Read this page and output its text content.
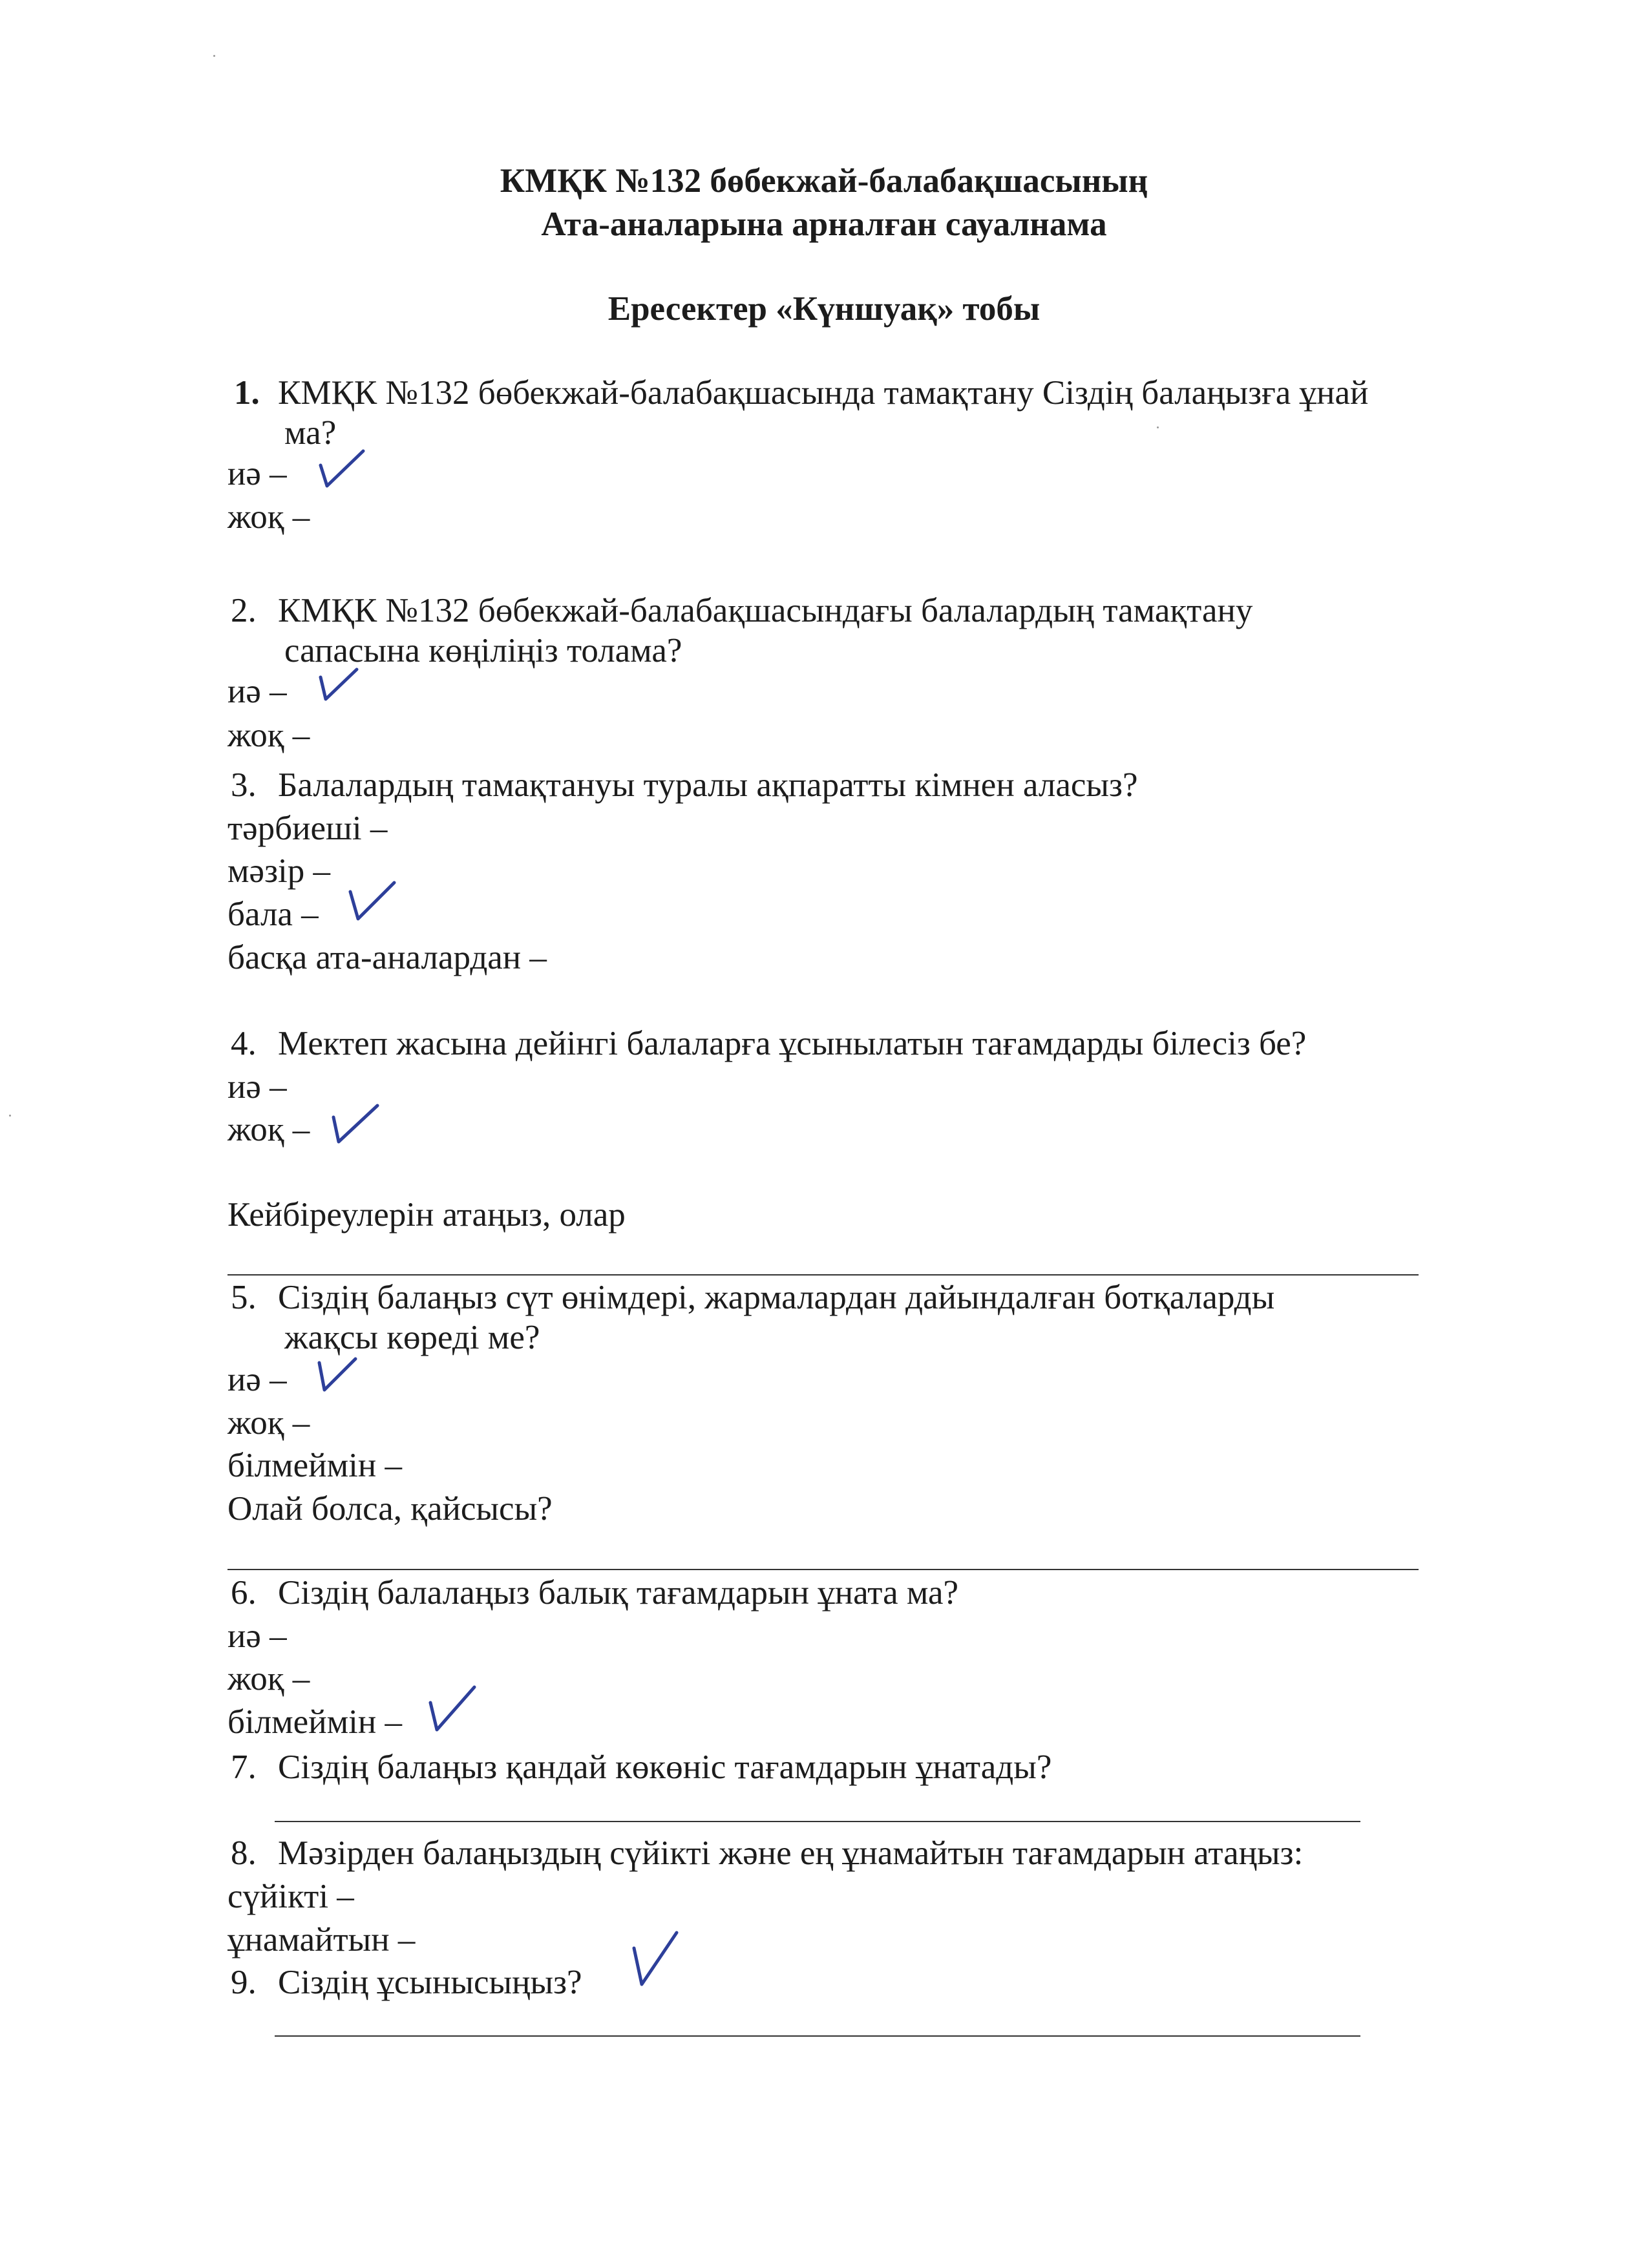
КМҚК №132 бөбекжай-балабақшасының
Ата-аналарына арналған сауалнама
Ересектер «Күншуақ» тобы
1. КМҚК №132 бөбекжай-балабақшасында тамақтану Сіздің балаңызға ұнай
ма?
иә –
жоқ –
2. КМҚК №132 бөбекжай-балабақшасындағы балалардың тамақтану
сапасына көңіліңіз толама?
иә –
жоқ –
3. Балалардың тамақтануы туралы ақпаратты кімнен аласыз?
тәрбиеші –
мәзір –
бала –
басқа ата-аналардан –
4. Мектеп жасына дейінгі балаларға ұсынылатын тағамдарды білесіз бе?
иә –
жоқ –
Кейбіреулерін атаңыз, олар
5. Сіздің балаңыз сүт өнімдері, жармалардан дайындалған ботқаларды
жақсы көреді ме?
иә –
жоқ –
білмеймін –
Олай болса, қайсысы?
6. Сіздің балалаңыз балық тағамдарын ұната ма?
иә –
жоқ –
білмеймін –
7. Сіздің балаңыз қандай көкөніс тағамдарын ұнатады?
8. Мәзірден балаңыздың сүйікті және ең ұнамайтын тағамдарын атаңыз:
сүйікті –
ұнамайтын –
9. Сіздің ұсынысыңыз?
